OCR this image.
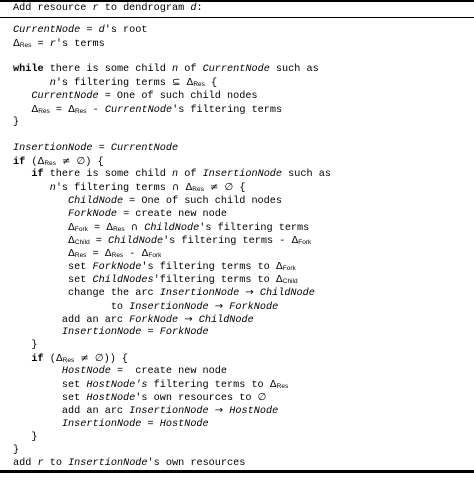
Add resource r to dendrogram d:
CurrentNode = d's root
ΔRes = r's terms
while there is some child n of CurrentNode such as
n's filtering terms ⊆ ΔRes {
CurrentNode = One of such child nodes
ΔRes = ΔRes - CurrentNode's filtering terms
}
InsertionNode = CurrentNode
if (ΔRes ≠ ∅) {
if there is some child n of InsertionNode such as
n's filtering terms ∩ ΔRes ≠ ∅ {
ChildNode = One of such child nodes
ForkNode = create new node
ΔFork = ΔRes ∩ ChildNode's filtering terms
ΔChild = ChildNode's filtering terms - ΔFork
ΔRes = ΔRes - ΔFork
set ForkNode's filtering terms to ΔFork
set ChildNodes'filtering terms to ΔChild
change the arc InsertionNode → ChildNode
to InsertionNode → ForkNode
add an arc ForkNode → ChildNode
InsertionNode = ForkNode
}
if (ΔRes ≠ ∅)) {
HostNode =  create new node
set HostNode's filtering terms to ΔRes
set HostNode's own resources to ∅
add an arc InsertionNode → HostNode
InsertionNode = HostNode
}
}
add r to InsertionNode's own resources
